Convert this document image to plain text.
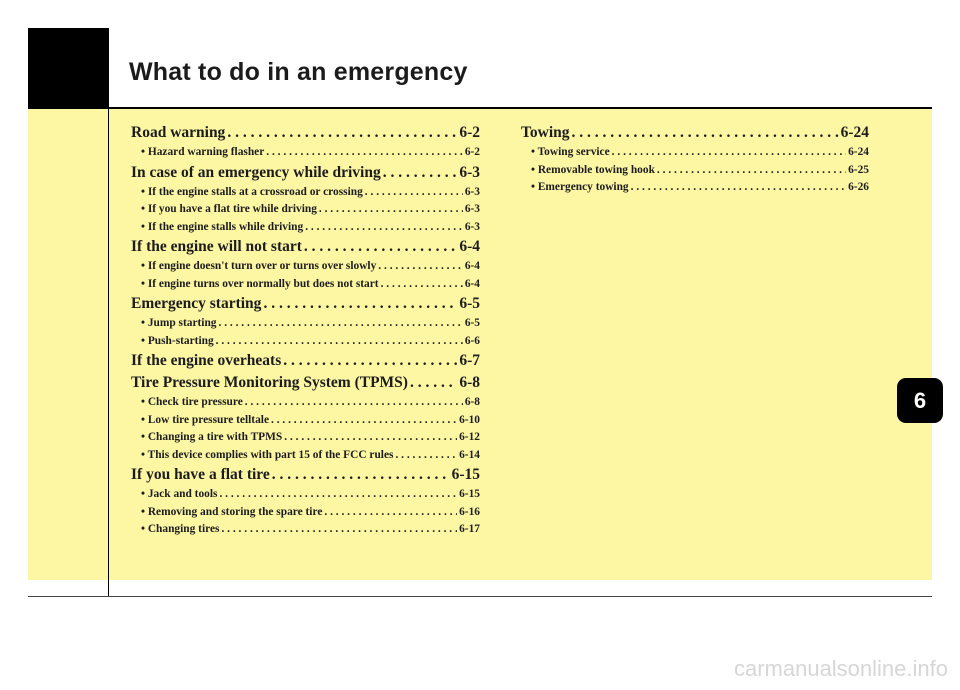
What to do in an emergency
Road warning . . .	6-2
• Hazard warning flasher . . .	6-2
In case of an emergency while driving . . .	6-3
• If the engine stalls at a crossroad or crossing . . .	6-3
• If you have a flat tire while driving . . .	6-3
• If the engine stalls while driving . . .	6-3
If the engine will not start . . .	6-4
• If engine doesn't turn over or turns over slowly . . .	6-4
• If engine turns over normally but does not start . . .	6-4
Emergency starting . . .	6-5
• Jump starting . . .	6-5
• Push-starting . . .	6-6
If the engine overheats . . .	6-7
Tire Pressure Monitoring System (TPMS) . . .	6-8
• Check tire pressure . . .	6-8
• Low tire pressure telltale . . .	6-10
• Changing a tire with TPMS . . .	6-12
• This device complies with part 15 of the FCC rules . . .	6-14
If you have a flat tire . . .	6-15
• Jack and tools . . .	6-15
• Removing and storing the spare tire . . .	6-16
• Changing tires . . .	6-17
Towing . . .	6-24
• Towing service . . .	6-24
• Removable towing hook . . .	6-25
• Emergency towing . . .	6-26
6
carmanualsonline.info
